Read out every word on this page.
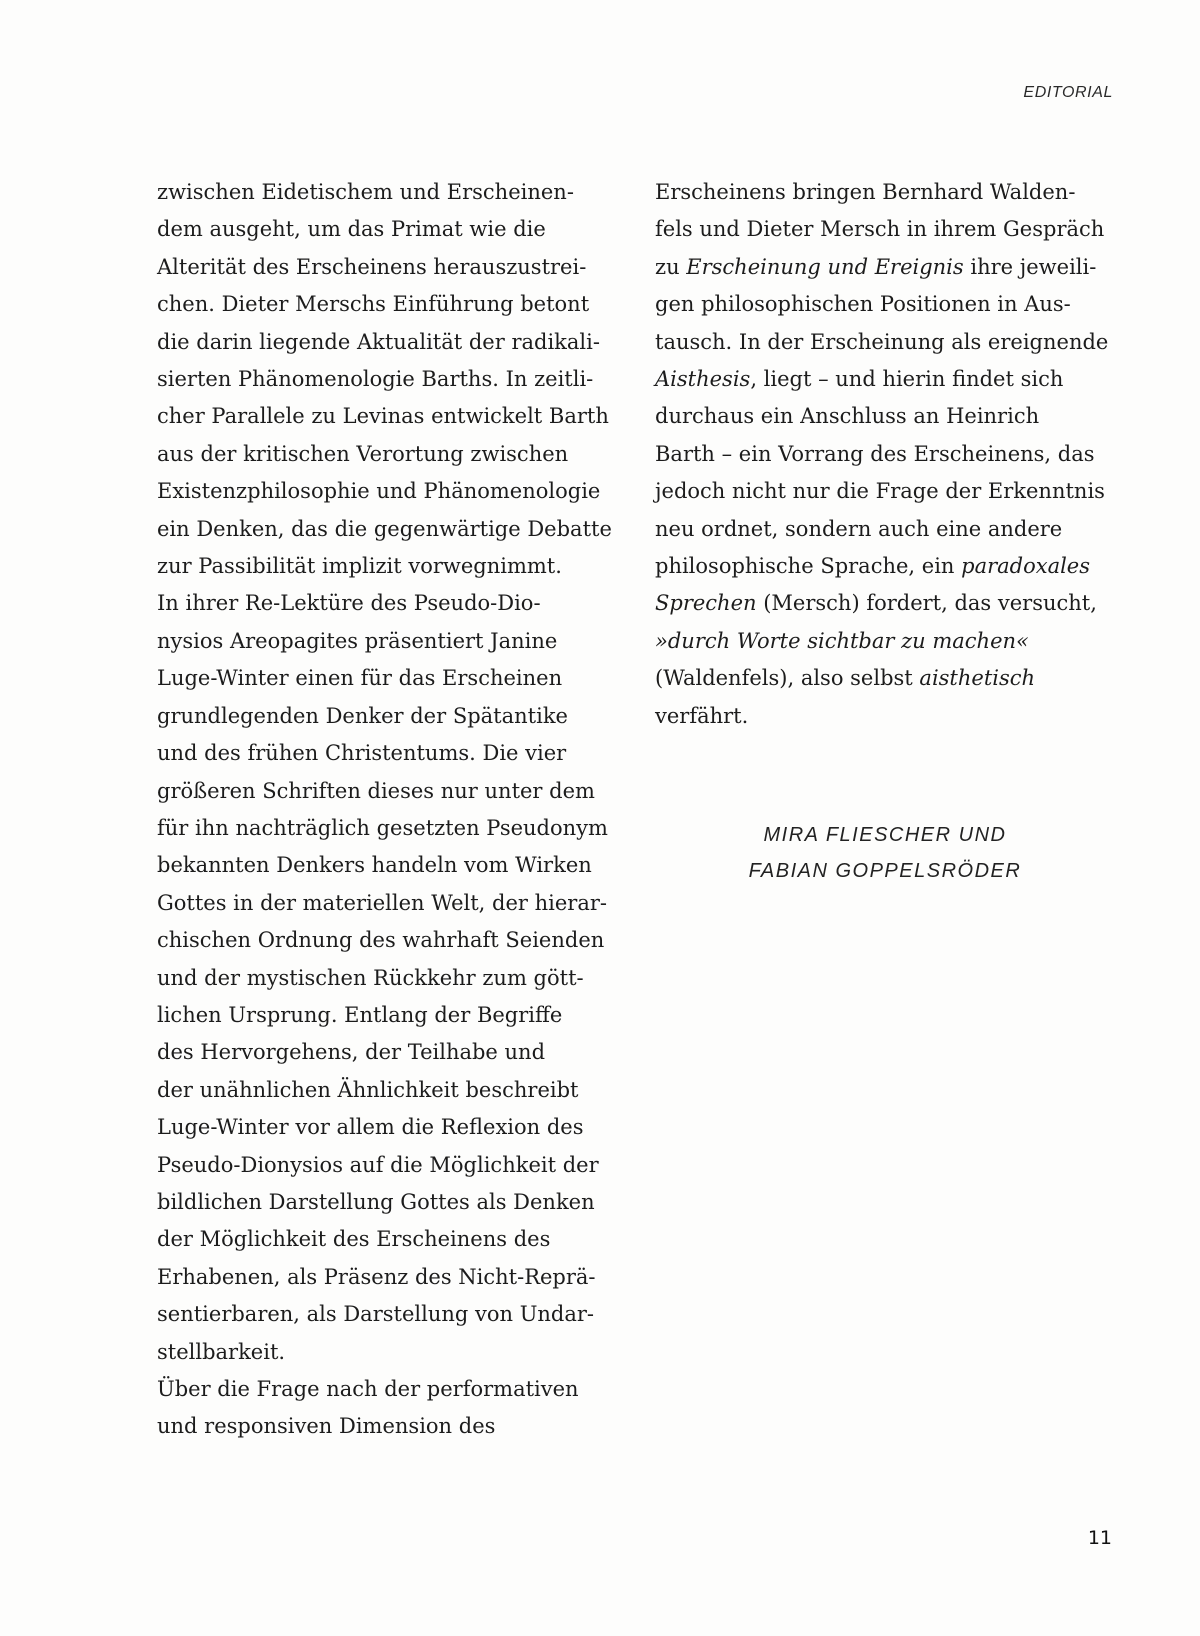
EDITORIAL
zwischen Eidetischem und Erscheinen-
dem ausgeht, um das Primat wie die
Alterität des Erscheinens herauszustrei-
chen. Dieter Merschs Einführung betont
die darin liegende Aktualität der radikali-
sierten Phänomenologie Barths. In zeitli-
cher Parallele zu Levinas entwickelt Barth
aus der kritischen Verortung zwischen
Existenzphilosophie und Phänomenologie
ein Denken, das die gegenwärtige Debatte
zur Passibilität implizit vorwegnimmt.
In ihrer Re-Lektüre des Pseudo-Dio-
nysios Areopagites präsentiert Janine
Luge-Winter einen für das Erscheinen
grundlegenden Denker der Spätantike
und des frühen Christentums. Die vier
größeren Schriften dieses nur unter dem
für ihn nachträglich gesetzten Pseudonym
bekannten Denkers handeln vom Wirken
Gottes in der materiellen Welt, der hierar-
chischen Ordnung des wahrhaft Seienden
und der mystischen Rückkehr zum gött-
lichen Ursprung. Entlang der Begriffe
des Hervorgehens, der Teilhabe und
der unähnlichen Ähnlichkeit beschreibt
Luge-Winter vor allem die Reflexion des
Pseudo-Dionysios auf die Möglichkeit der
bildlichen Darstellung Gottes als Denken
der Möglichkeit des Erscheinens des
Erhabenen, als Präsenz des Nicht-Reprä-
sentierbaren, als Darstellung von Undar-
stellbarkeit.
Über die Frage nach der performativen
und responsiven Dimension des
Erscheinens bringen Bernhard Walden-
fels und Dieter Mersch in ihrem Gespräch
zu Erscheinung und Ereignis ihre jeweili-
gen philosophischen Positionen in Aus-
tausch. In der Erscheinung als ereignende
Aisthesis, liegt – und hierin findet sich
durchaus ein Anschluss an Heinrich
Barth – ein Vorrang des Erscheinens, das
jedoch nicht nur die Frage der Erkenntnis
neu ordnet, sondern auch eine andere
philosophische Sprache, ein paradoxales
Sprechen (Mersch) fordert, das versucht,
»durch Worte sichtbar zu machen«
(Waldenfels), also selbst aisthetisch
verfährt.
MIRA FLIESCHER UND
FABIAN GOPPELSRÖDER
11
